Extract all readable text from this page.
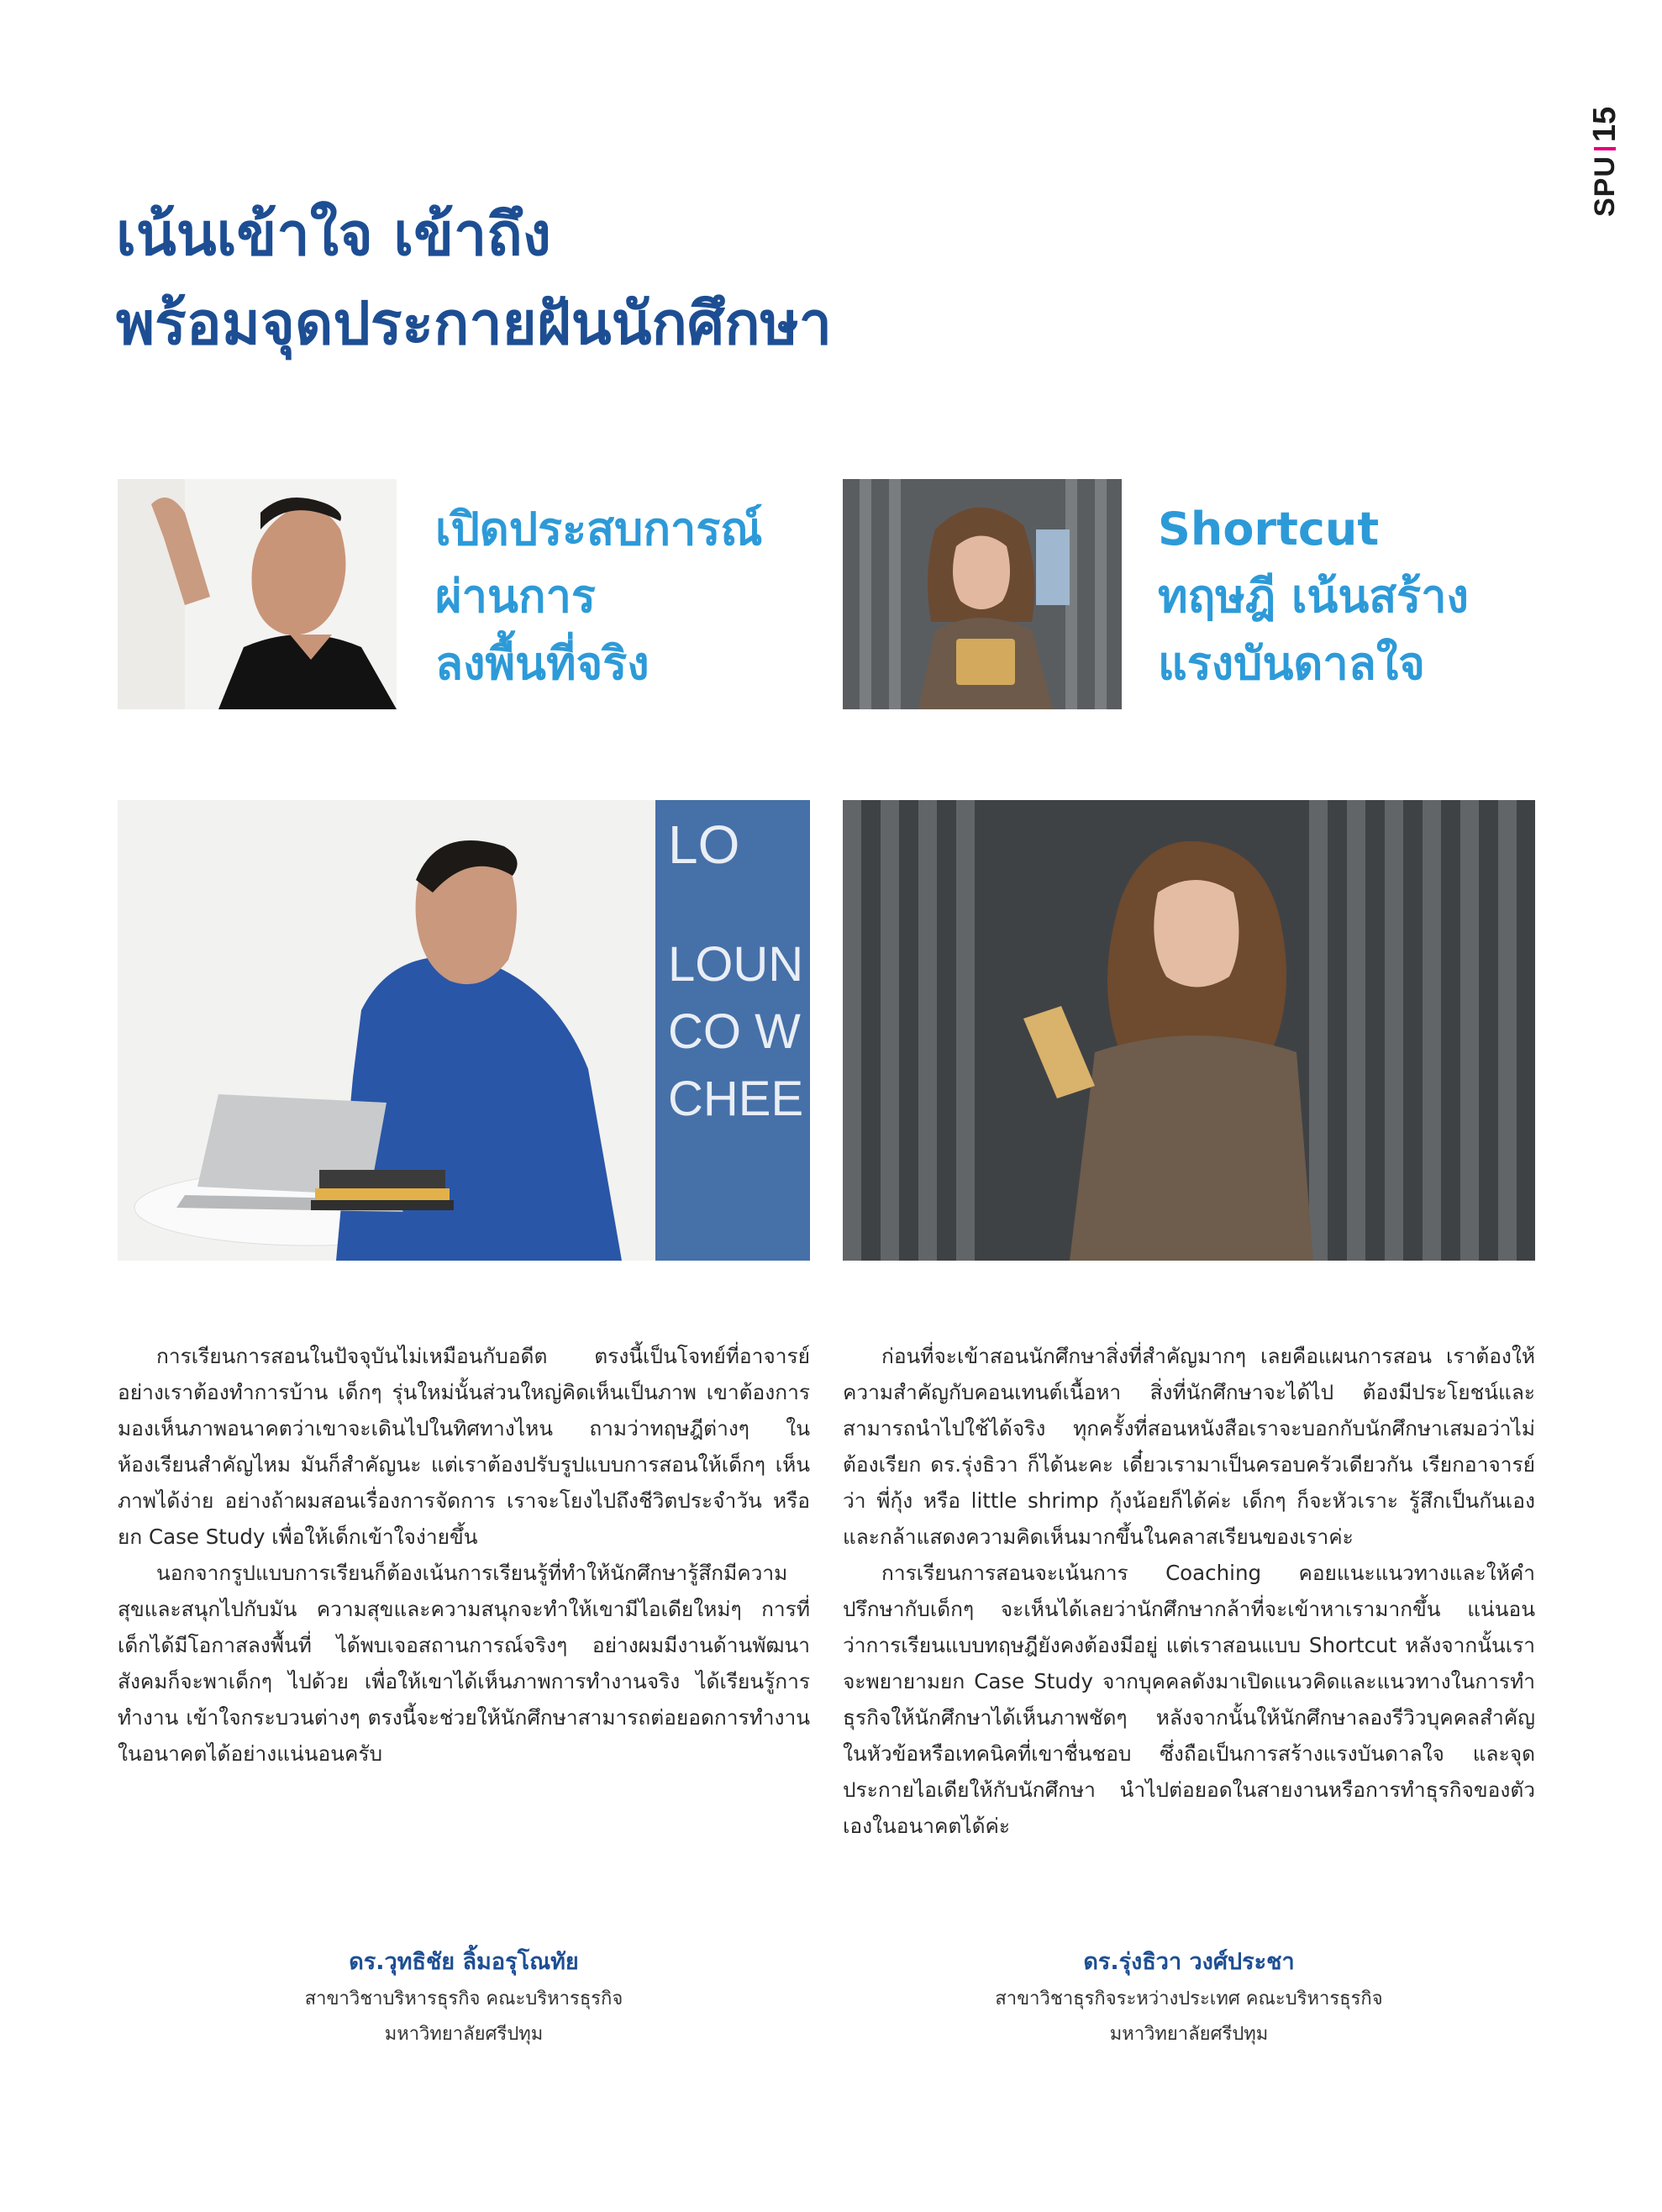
SPU
15
เน้นเข้าใจ เข้าถึง
พร้อมจุดประกายฝันนักศึกษา
เปิดประสบการณ์
ผ่านการ
ลงพื้นที่จริง
Shortcut
ทฤษฎี เน้นสร้าง
แรงบันดาลใจ
LO
LOUN
CO W
CHEE

การเรียนการสอนในปัจจุบันไม่เหมือนกับอดีต ตรงนี้เป็นโจทย์ที่อาจารย์อย่างเราต้องทำการบ้าน เด็กๆ รุ่นใหม่นั้นส่วนใหญ่คิดเห็นเป็นภาพ เขาต้องการมองเห็นภาพอนาคตว่าเขาจะเดินไปในทิศทางไหน ถามว่าทฤษฎีต่างๆ ในห้องเรียนสำคัญไหม มันก็สำคัญนะ แต่เราต้องปรับรูปแบบการสอนให้เด็กๆ เห็นภาพได้ง่าย อย่างถ้าผมสอนเรื่องการจัดการ เราจะโยงไปถึงชีวิตประจำวัน หรือยก Case Study เพื่อให้เด็กเข้าใจง่ายขึ้น

นอกจากรูปแบบการเรียนก็ต้องเน้นการเรียนรู้ที่ทำให้นักศึกษารู้สึกมีความสุขและสนุกไปกับมัน ความสุขและความสนุกจะทำให้เขามีไอเดียใหม่ๆ การที่เด็กได้มีโอกาสลงพื้นที่ ได้พบเจอสถานการณ์จริงๆ อย่างผมมีงานด้านพัฒนาสังคมก็จะพาเด็กๆ ไปด้วย เพื่อให้เขาได้เห็นภาพการทำงานจริง ได้เรียนรู้การทำงาน เข้าใจกระบวนต่างๆ ตรงนี้จะช่วยให้นักศึกษาสามารถต่อยอดการทำงานในอนาคตได้อย่างแน่นอนครับ

ก่อนที่จะเข้าสอนนักศึกษาสิ่งที่สำคัญมากๆ เลยคือแผนการสอน เราต้องให้ความสำคัญกับคอนเทนต์เนื้อหา สิ่งที่นักศึกษาจะได้ไป ต้องมีประโยชน์และสามารถนำไปใช้ได้จริง ทุกครั้งที่สอนหนังสือเราจะบอกกับนักศึกษาเสมอว่าไม่ต้องเรียก ดร.รุ่งธิวา ก็ได้นะคะ เดี๋ยวเรามาเป็นครอบครัวเดียวกัน เรียกอาจารย์ว่า พี่กุ้ง หรือ little shrimp กุ้งน้อยก็ได้ค่ะ เด็กๆ ก็จะหัวเราะ รู้สึกเป็นกันเองและกล้าแสดงความคิดเห็นมากขึ้นในคลาสเรียนของเราค่ะ

การเรียนการสอนจะเน้นการ Coaching คอยแนะแนวทางและให้คำปรึกษากับเด็กๆ จะเห็นได้เลยว่านักศึกษากล้าที่จะเข้าหาเรามากขึ้น แน่นอนว่าการเรียนแบบทฤษฎียังคงต้องมีอยู่ แต่เราสอนแบบ Shortcut หลังจากนั้นเราจะพยายามยก Case Study จากบุคคลดังมาเปิดแนวคิดและแนวทางในการทำธุรกิจให้นักศึกษาได้เห็นภาพชัดๆ หลังจากนั้นให้นักศึกษาลองรีวิวบุคคลสำคัญในหัวข้อหรือเทคนิคที่เขาชื่นชอบ ซึ่งถือเป็นการสร้างแรงบันดาลใจ และจุดประกายไอเดียให้กับนักศึกษา นำไปต่อยอดในสายงานหรือการทำธุรกิจของตัวเองในอนาคตได้ค่ะ

ดร.วุทธิชัย ลิ้มอรุโณทัย
สาขาวิชาบริหารธุรกิจ คณะบริหารธุรกิจ
มหาวิทยาลัยศรีปทุม
ดร.รุ่งธิวา วงศ์ประชา
สาขาวิชาธุรกิจระหว่างประเทศ คณะบริหารธุรกิจ
มหาวิทยาลัยศรีปทุม
